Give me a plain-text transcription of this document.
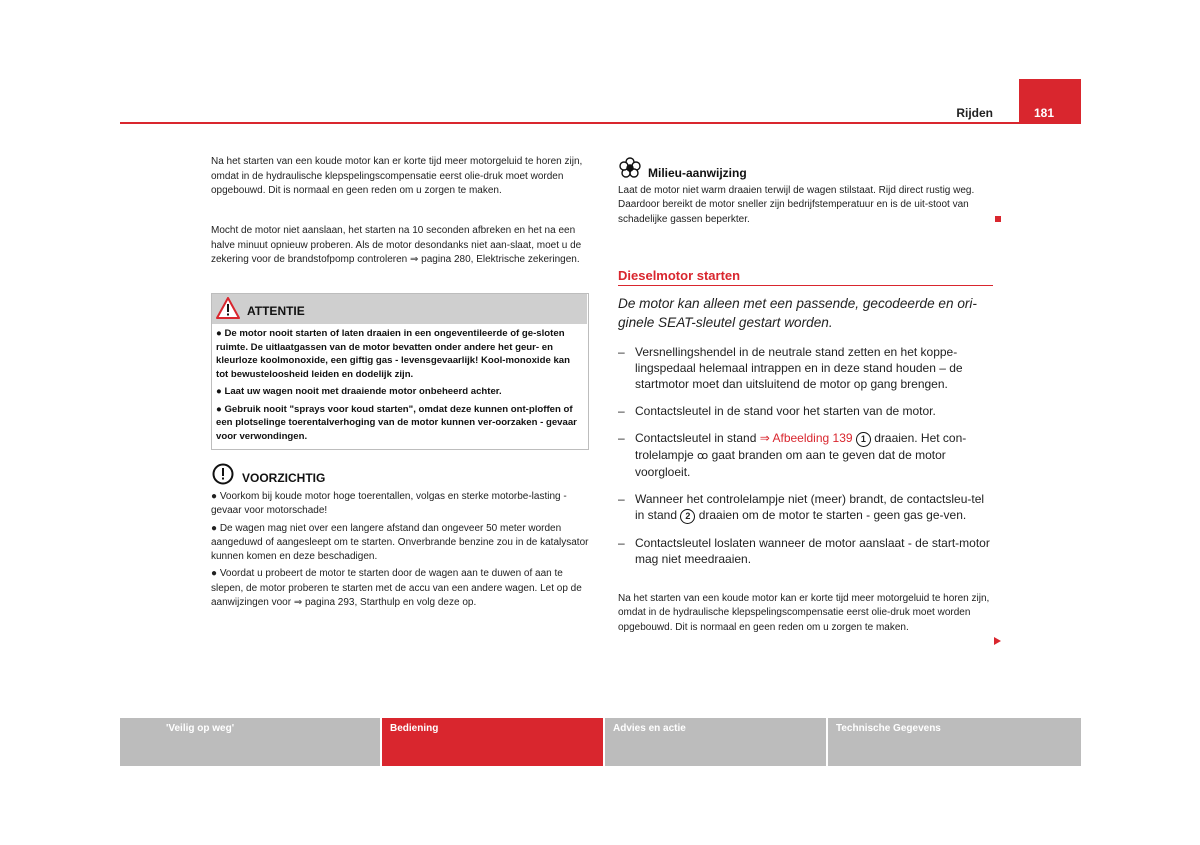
Rijden	181
Na het starten van een koude motor kan er korte tijd meer motorgeluid te horen zijn, omdat in de hydraulische klepspelingscompensatie eerst olie-druk moet worden opgebouwd. Dit is normaal en geen reden om u zorgen te maken.
Mocht de motor niet aanslaan, het starten na 10 seconden afbreken en het na een halve minuut opnieuw proberen. Als de motor desondanks niet aan-slaat, moet u de zekering voor de brandstofpomp controleren ⇒ pagina 280, Elektrische zekeringen.
ATTENTIE

● De motor nooit starten of laten draaien in een ongeventileerde of ge-sloten ruimte. De uitlaatgassen van de motor bevatten onder andere het geur- en kleurloze koolmonoxide, een giftig gas - levensgevaarlijk! Kool-monoxide kan tot bewusteloosheid leiden en dodelijk zijn.

● Laat uw wagen nooit met draaiende motor onbeheerd achter.

● Gebruik nooit "sprays voor koud starten", omdat deze kunnen ont-ploffen of een plotselinge toerentalverhoging van de motor kunnen ver-oorzaken - gevaar voor verwondingen.

VOORZICHTIG

● Voorkom bij koude motor hoge toerentallen, volgas en sterke motorbe-lasting - gevaar voor motorschade!

● De wagen mag niet over een langere afstand dan ongeveer 50 meter worden aangeduwd of aangesleept om te starten. Onverbrande benzine zou in de katalysator kunnen komen en deze beschadigen.

● Voordat u probeert de motor te starten door de wagen aan te duwen of aan te slepen, de motor proberen te starten met de accu van een andere wagen. Let op de aanwijzingen voor ⇒ pagina 293, Starthulp en volg deze op.

Milieu-aanwijzing
Laat de motor niet warm draaien terwijl de wagen stilstaat. Rijd direct rustig weg. Daardoor bereikt de motor sneller zijn bedrijfstemperatuur en is de uit-stoot van schadelijke gassen beperkter.
Dieselmotor starten
De motor kan alleen met een passende, gecodeerde en ori-ginele SEAT-sleutel gestart worden.
– Versnellingshendel in de neutrale stand zetten en het koppe-lingspedaal helemaal intrappen en in deze stand houden – de startmotor moet dan uitsluitend de motor op gang brengen.
– Contactsleutel in de stand voor het starten van de motor.
– Contactsleutel in stand ⇒ Afbeelding 139 1 draaien. Het con-trolelampje ꝏ gaat branden om aan te geven dat de motor voorgloeit.
– Wanneer het controlelampje niet (meer) brandt, de contactsleu-tel in stand 2 draaien om de motor te starten - geen gas ge-ven.
– Contactsleutel loslaten wanneer de motor aanslaat - de start-motor mag niet meedraaien.
Na het starten van een koude motor kan er korte tijd meer motorgeluid te horen zijn, omdat in de hydraulische klepspelingscompensatie eerst olie-druk moet worden opgebouwd. Dit is normaal en geen reden om u zorgen te maken.
'Veilig op weg'	Bediening	Advies en actie	Technische Gegevens
